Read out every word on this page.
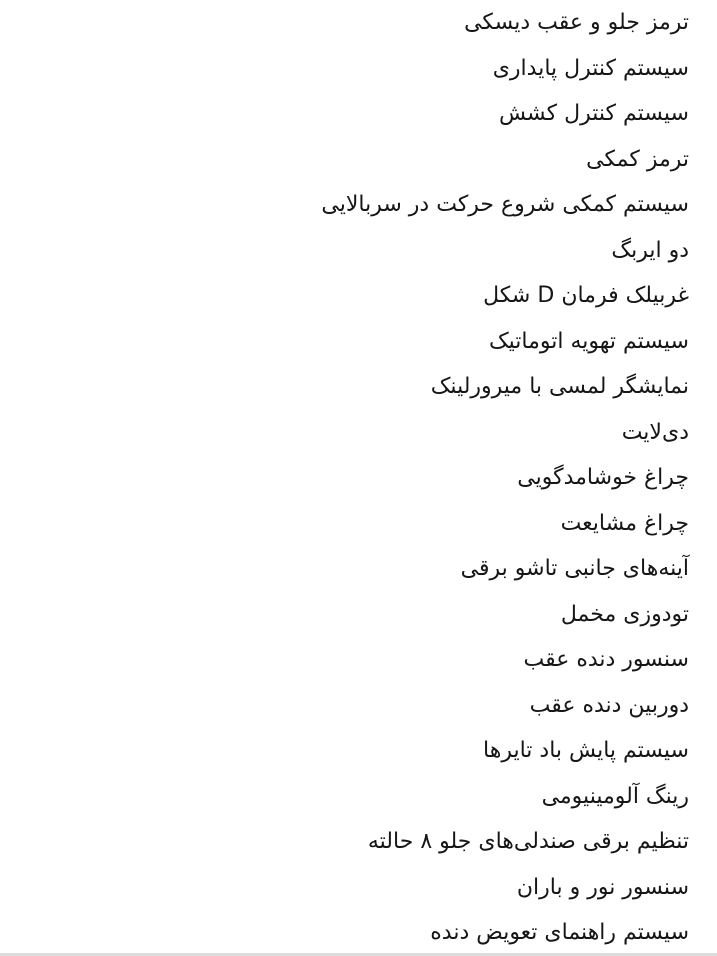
ترمز جلو و عقب دیسکی
سیستم کنترل پایداری
سیستم کنترل کشش
ترمز کمکی
سیستم کمکی شروع حرکت در سربالایی
دو ایربگ
غربیلک فرمان D شکل
سیستم تهویه اتوماتیک
نمایشگر لمسی با میرورلینک
دی‌لایت
چراغ خوشامدگویی
چراغ مشایعت
آینه‌های جانبی تاشو برقی
تودوزی مخمل
سنسور دنده عقب
دوربین دنده عقب
سیستم پایش باد تایرها
رینگ آلومینیومی
تنظیم برقی صندلی‌های جلو ۸ حالته
سنسور نور و باران
سیستم راهنمای تعویض دنده
